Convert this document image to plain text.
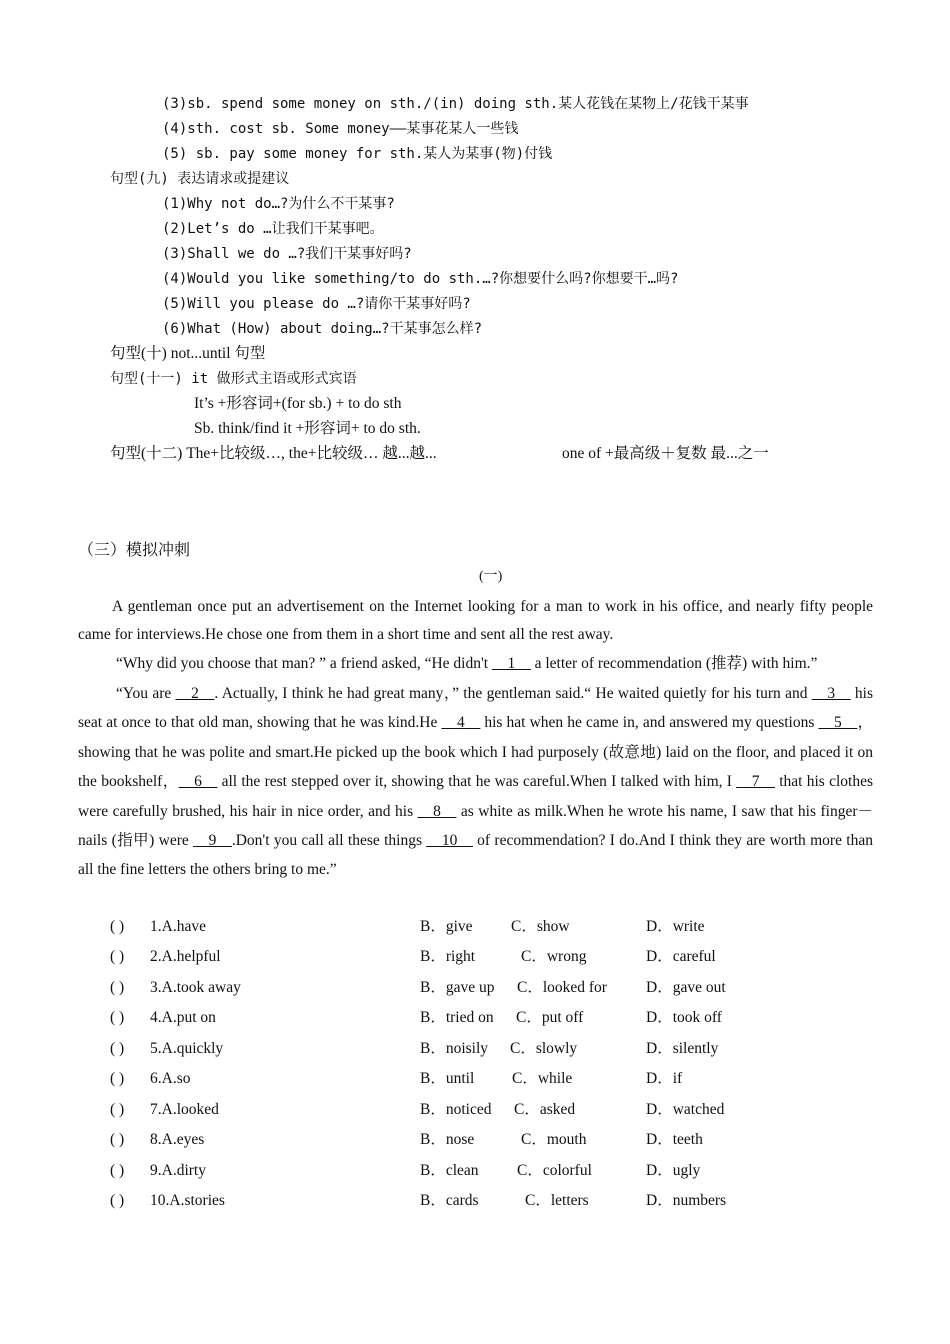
(3)sb. spend some money on sth./(in) doing sth.某人花钱在某物上/花钱干某事
(4)sth. cost sb. Some money——某事花某人一些钱
(5) sb. pay some money for sth.某人为某事(物)付钱
句型(九) 表达请求或提建议
(1)Why not do…?为什么不干某事?
(2)Let’s do …让我们干某事吧。
(3)Shall we do …?我们干某事好吗?
(4)Would you like something/to do sth.…?你想要什么吗?你想要干…吗?
(5)Will you please do …?请你干某事好吗?
(6)What (How) about doing…?干某事怎么样?
句型(十) not...until 句型
句型(十一) it 做形式主语或形式宾语
It’s +形容词+(for sb.) + to do sth
Sb. think/find it +形容词+ to do sth.
句型(十二) The+比较级…, the+比较级… 越...越...	one of +最高级＋复数 最...之一
（三）模拟冲刺
(一)

A gentleman once put an advertisement on the Internet looking for a man to work in his office, and nearly fifty people came for interviews.He chose one from them in a short time and sent all the rest away.

“Why did you choose that man? ” a friend asked, “He didn't __1__ a letter of recommendation (推荐) with him.”

“You are __2__. Actually, I think he had great many，” the gentleman said.“ He waited quietly for his turn and __3__ his seat at once to that old man, showing that he was kind.He __4__ his hat when he came in, and answered my questions __5__， showing that he was polite and smart.He picked up the book which I had purposely (故意地) laid on the floor, and placed it on the bookshelf，__6__ all the rest stepped over it, showing that he was careful.When I talked with him, I __7__ that his clothes were carefully brushed, his hair in nice order, and his __8__ as white as milk.When he wrote his name, I saw that his finger－nails (指甲) were __9__.Don't you call all these things __10__ of recommendation? I do.And I think they are worth more than all the fine letters the others bring to me.”

( ) 1.A.have	B．give C．show	D．write
( ) 2.A.helpful	B．right	C．wrong	D．careful
( ) 3.A.took away	B．gave up C．looked for	D．gave out
( ) 4.A.put on	B．tried on C．put off	D．took off
( ) 5.A.quickly	B．noisily C．slowly	D．silently
( ) 6.A.so	B．until C．while	D．if
( ) 7.A.looked	B．noticed C．asked	D．watched
( ) 8.A.eyes	B．nose	C．mouth	D．teeth
( ) 9.A.dirty	B．clean C．colorful	D．ugly
( ) 10.A.stories	B．cards	C．letters	D．numbers
